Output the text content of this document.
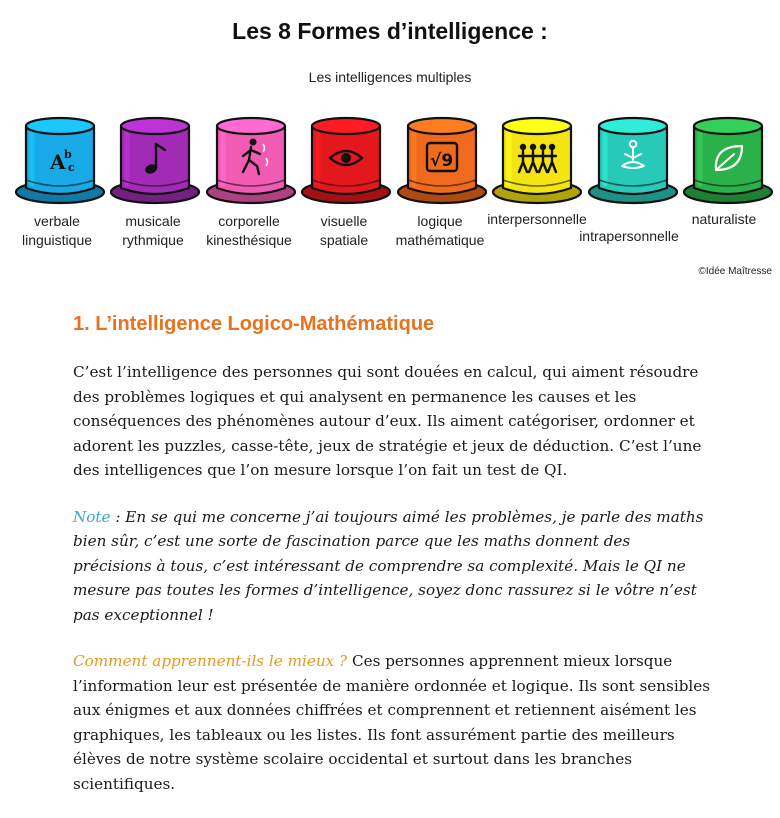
Les 8 Formes d’intelligence :
Les intelligences multiples
A
b
c
verbale
linguistique
musicale
rythmique
corporelle
kinesthésique
visuelle
spatiale
√9
logique
mathématique
interpersonnelle
intrapersonnelle
naturaliste
©Idée Maîtresse
1. L’intelligence Logico-Mathématique

C’est l’intelligence des personnes qui sont douées en calcul, qui aiment résoudre des problèmes logiques et qui analysent en permanence les causes et les conséquences des phénomènes autour d’eux. Ils aiment catégoriser, ordonner et adorent les puzzles, casse-tête, jeux de stratégie et jeux de déduction. C’est l’une des intelligences que l’on mesure lorsque l’on fait un test de QI.

Note : En se qui me concerne j’ai toujours aimé les problèmes, je parle des maths bien sûr, c’est une sorte de fascination parce que les maths donnent des précisions à tous, c’est intéressant de comprendre sa complexité. Mais le QI ne mesure pas toutes les formes d’intelligence, soyez donc rassurez si le vôtre n’est pas exceptionnel !

Comment apprennent-ils le mieux ? Ces personnes apprennent mieux lorsque l’information leur est présentée de manière ordonnée et logique. Ils sont sensibles aux énigmes et aux données chiffrées et comprennent et retiennent aisément les graphiques, les tableaux ou les listes. Ils font assurément partie des meilleurs élèves de notre système scolaire occidental et surtout dans les branches scientifiques.
